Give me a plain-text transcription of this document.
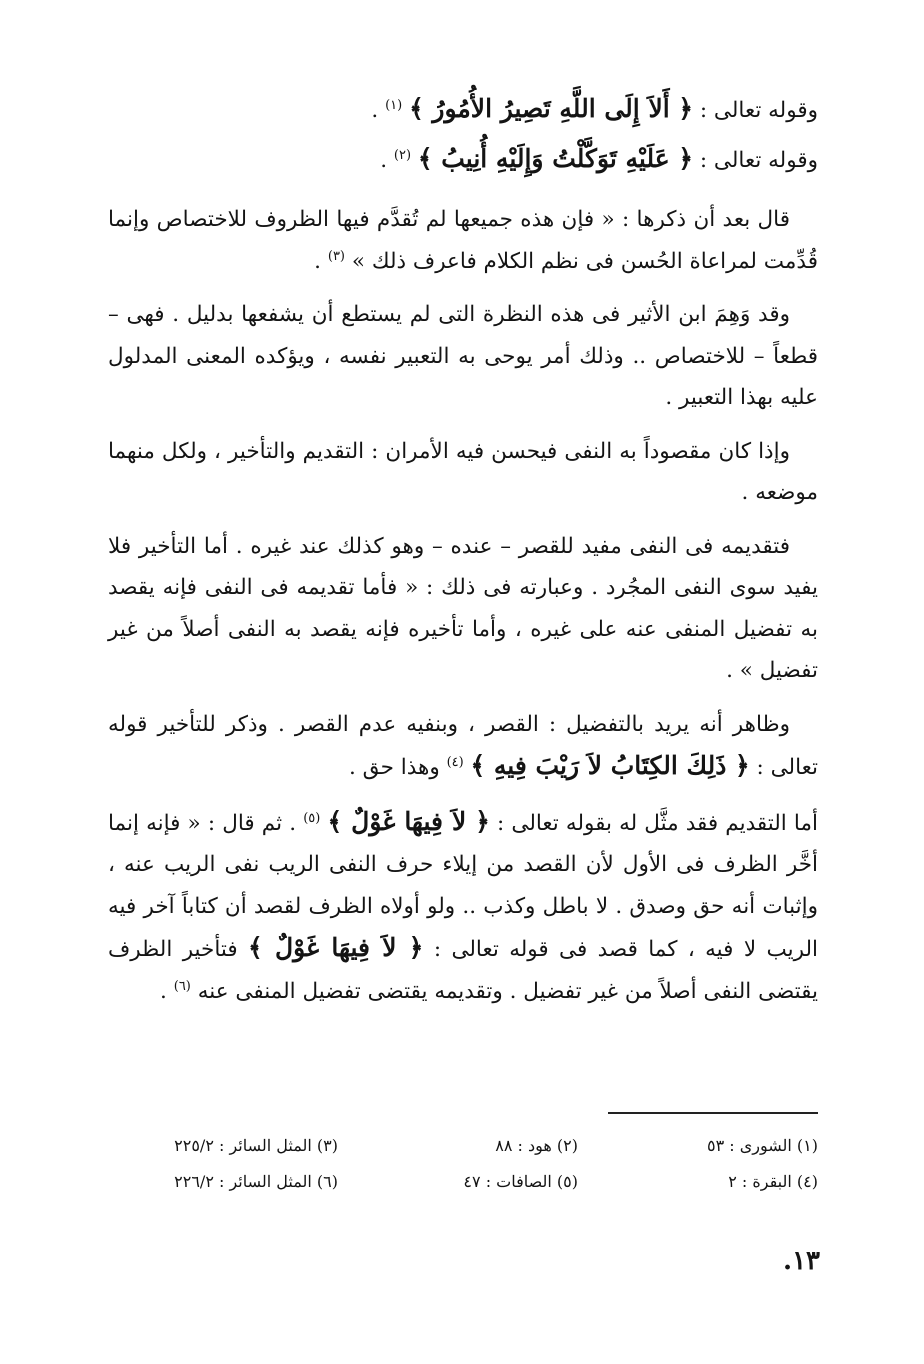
وقوله تعالى : ﴿ أَلاَ إِلَى اللَّهِ تَصِيرُ الأُمُورُ ﴾ $^{(١)}$ .

وقوله تعالى : ﴿ عَلَيْهِ تَوَكَّلْتُ وَإِلَيْهِ أُنِيبُ ﴾ $^{(٢)}$ .

قال بعد أن ذكرها : « فإن هذه جميعها لم تُقدَّم فيها الظروف للاختصاص وإنما قُدِّمت لمراعاة الحُسن فى نظم الكلام فاعرف ذلك » $^{(٣)}$ .

وقد وَهِمَ ابن الأثير فى هذه النظرة التى لم يستطع أن يشفعها بدليل . فهى – قطعاً – للاختصاص .. وذلك أمر يوحى به التعبير نفسه ، ويؤكده المعنى المدلول عليه بهذا التعبير .

وإذا كان مقصوداً به النفى فيحسن فيه الأمران : التقديم والتأخير ، ولكل منهما موضعه .

فتقديمه فى النفى مفيد للقصر – عنده – وهو كذلك عند غيره . أما التأخير فلا يفيد سوى النفى المجُرد . وعبارته فى ذلك : « فأما تقديمه فى النفى فإنه يقصد به تفضيل المنفى عنه على غيره ، وأما تأخيره فإنه يقصد به النفى أصلاً من غير تفضيل » .

وظاهر أنه يريد بالتفضيل : القصر ، وبنفيه عدم القصر . وذكر للتأخير قوله تعالى : ﴿ ذَلِكَ الكِتَابُ لاَ رَيْبَ فِيهِ ﴾ $^{(٤)}$ وهذا حق .

أما التقديم فقد مثَّل له بقوله تعالى : ﴿ لاَ فِيهَا غَوْلٌ ﴾ $^{(٥)}$ . ثم قال : « فإنه إنما أخَّر الظرف فى الأول لأن القصد من إيلاء حرف النفى الريب نفى الريب عنه ، وإثبات أنه حق وصدق . لا باطل وكذب .. ولو أولاه الظرف لقصد أن كتاباً آخر فيه الريب لا فيه ، كما قصد فى قوله تعالى : ﴿ لاَ فِيهَا غَوْلٌ ﴾ فتأخير الظرف يقتضى النفى أصلاً من غير تفضيل . وتقديمه يقتضى تفضيل المنفى عنه $^{(٦)}$ .

(١) الشورى : ٥٣
(٢) هود : ٨٨
(٣) المثل السائر : ٢٢٥/٢
(٤) البقرة : ٢
(٥) الصافات : ٤٧
(٦) المثل السائر : ٢٢٦/٢
١٣.
